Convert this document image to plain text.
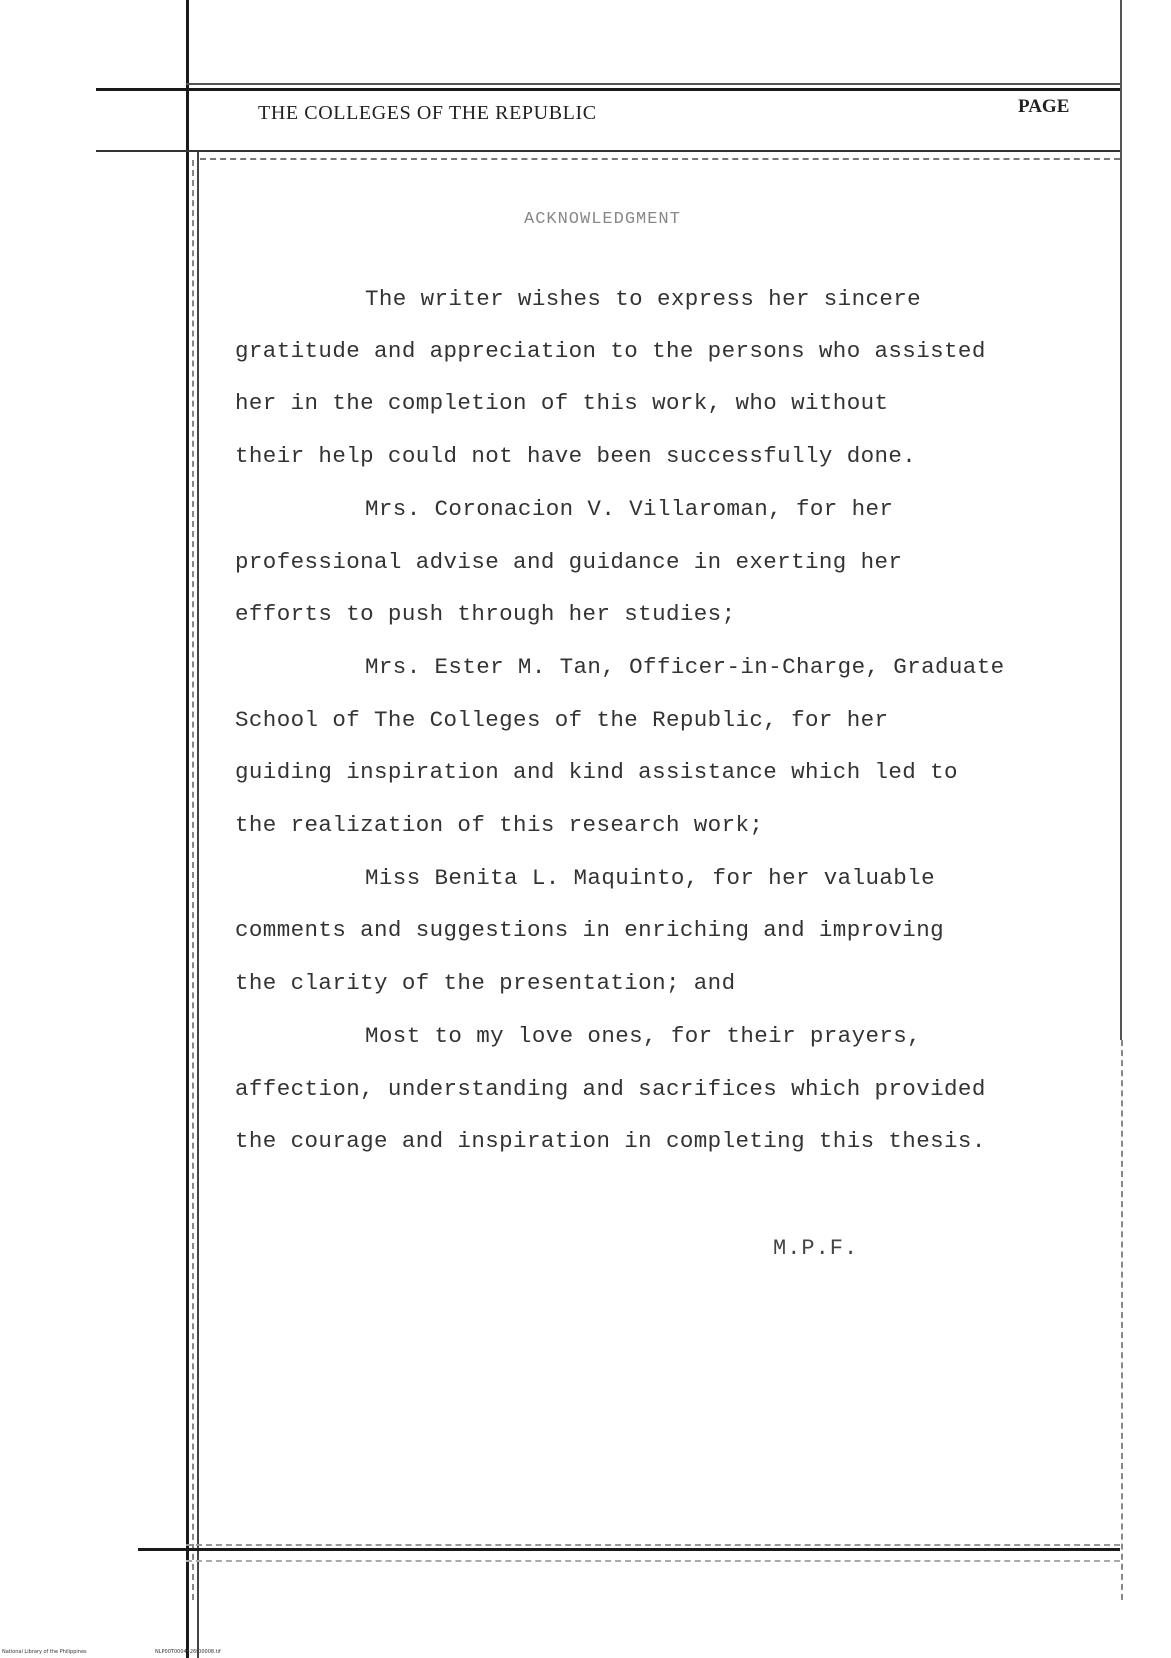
THE COLLEGES OF THE REPUBLIC	PAGE
ACKNOWLEDGMENT
The writer wishes to express her sincere
gratitude and appreciation to the persons who assisted
her in the completion of this work, who without
their help could not have been successfully done.
Mrs. Coronacion V. Villaroman, for her
professional advise and guidance in exerting her
efforts to push through her studies;
Mrs. Ester M. Tan, Officer-in-Charge, Graduate
School of The Colleges of the Republic, for her
guiding inspiration and kind assistance which led to
the realization of this research work;
Miss Benita L. Maquinto, for her valuable
comments and suggestions in enriching and improving
the clarity of the presentation; and
Most to my love ones, for their prayers,
affection, understanding and sacrifices which provided
the courage and inspiration in completing this thesis.
M.P.F.
National Library of the Philippines	NLP00T0004426t00008.tif
